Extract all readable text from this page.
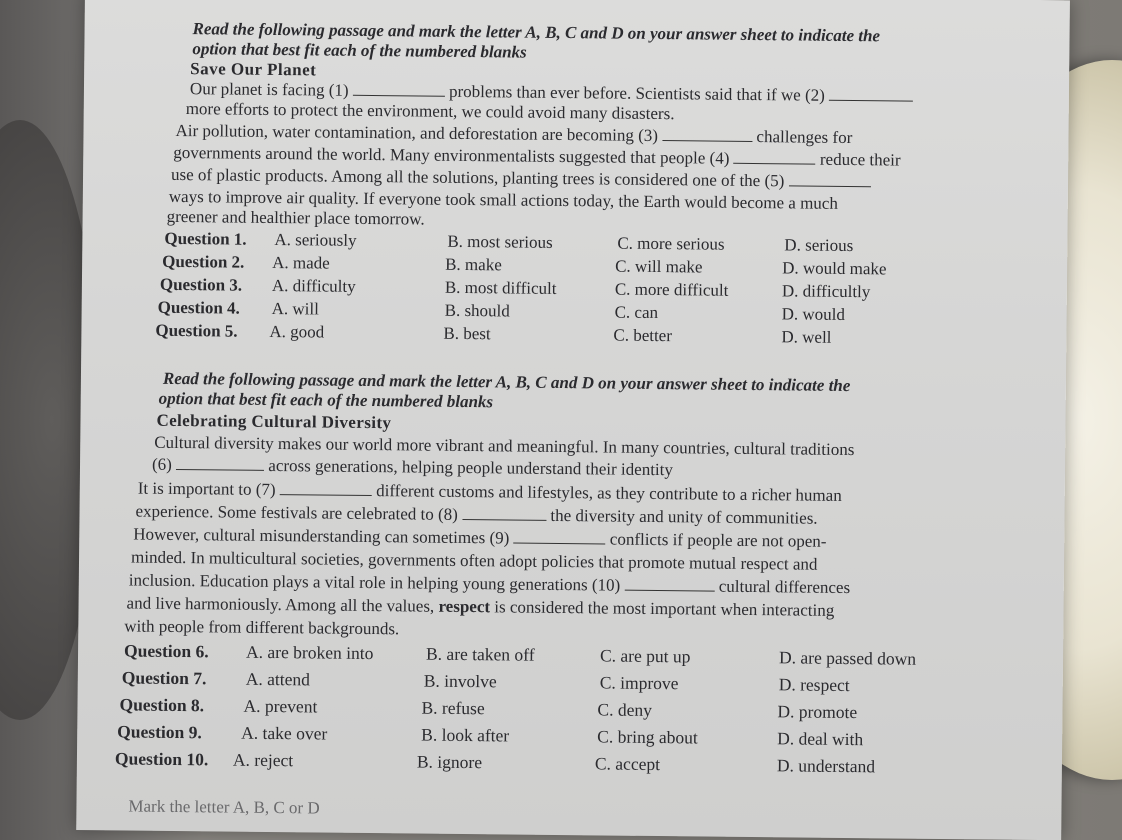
Read the following passage and mark the letter A, B, C and D on your answer sheet to indicate the
option that best fit each of the numbered blanks
Save Our Planet
Our planet is facing (1)	problems than ever before. Scientists said that if we (2)
more efforts to protect the environment, we could avoid many disasters.
Air pollution, water contamination, and deforestation are becoming (3)	challenges for
governments around the world. Many environmentalists suggested that people (4)	reduce their
use of plastic products. Among all the solutions, planting trees is considered one of the (5)
ways to improve air quality. If everyone took small actions today, the Earth would become a much
greener and healthier place tomorrow.
Question 1. A. seriously	B. most serious	C. more serious	D. serious
Question 2. A. made	B. make	C. will make	D. would make
Question 3. A. difficulty	B. most difficult	C. more difficult	D. difficultly
Question 4. A. will	B. should	C. can	D. would
Question 5. A. good	B. best	C. better	D. well
Read the following passage and mark the letter A, B, C and D on your answer sheet to indicate the
option that best fit each of the numbered blanks
Celebrating Cultural Diversity
Cultural diversity makes our world more vibrant and meaningful. In many countries, cultural traditions
(6)	across generations, helping people understand their identity
It is important to (7)	different customs and lifestyles, as they contribute to a richer human
experience. Some festivals are celebrated to (8)	the diversity and unity of communities.
However, cultural misunderstanding can sometimes (9)	conflicts if people are not open-
minded. In multicultural societies, governments often adopt policies that promote mutual respect and
inclusion. Education plays a vital role in helping young generations (10)	cultural differences
and live harmoniously. Among all the values, respect is considered the most important when interacting
with people from different backgrounds.
Question 6. A. are broken into	B. are taken off	C. are put up	D. are passed down
Question 7. A. attend	B. involve	C. improve	D. respect
Question 8. A. prevent	B. refuse	C. deny	D. promote
Question 9. A. take over	B. look after	C. bring about	D. deal with
Question 10. A. reject	B. ignore	C. accept	D. understand
Mark the letter A, B, C or D
